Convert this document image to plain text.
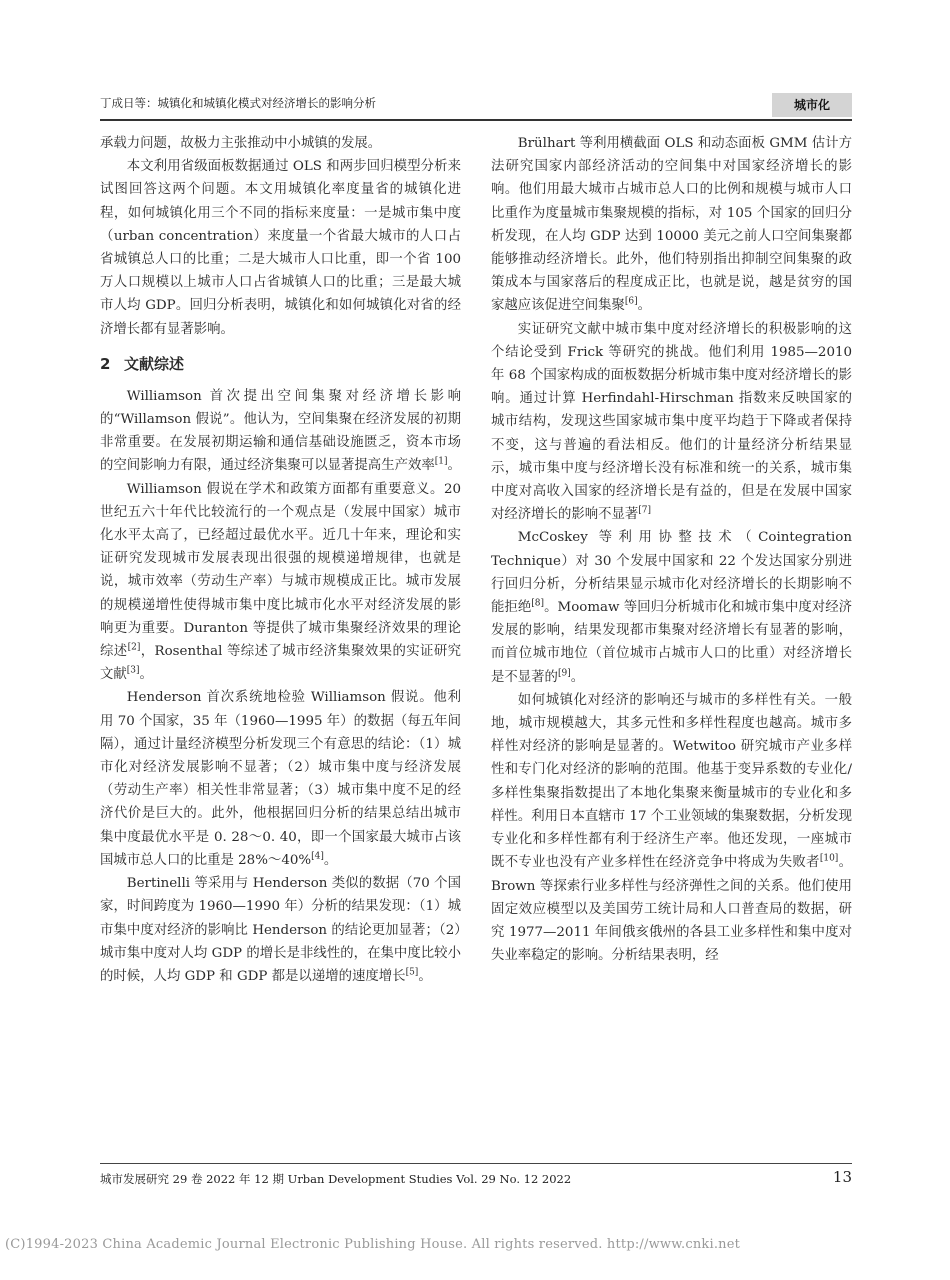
丁成日等：城镇化和城镇化模式对经济增长的影响分析	城市化

承载力问题，故极力主张推动中小城镇的发展。

本文利用省级面板数据通过 OLS 和两步回归模型分析来试图回答这两个问题。本文用城镇化率度量省的城镇化进程，如何城镇化用三个不同的指标来度量：一是城市集中度（urban concentration）来度量一个省最大城市的人口占省城镇总人口的比重；二是大城市人口比重，即一个省 100 万人口规模以上城市人口占省城镇人口的比重；三是最大城市人均 GDP。回归分析表明，城镇化和如何城镇化对省的经济增长都有显著影响。

2 文献综述

Williamson 首次提出空间集聚对经济增长影响的“Willamson 假说”。他认为，空间集聚在经济发展的初期非常重要。在发展初期运输和通信基础设施匮乏，资本市场的空间影响力有限，通过经济集聚可以显著提高生产效率[1]。

Williamson 假说在学术和政策方面都有重要意义。20 世纪五六十年代比较流行的一个观点是（发展中国家）城市化水平太高了，已经超过最优水平。近几十年来，理论和实证研究发现城市发展表现出很强的规模递增规律，也就是说，城市效率（劳动生产率）与城市规模成正比。城市发展的规模递增性使得城市集中度比城市化水平对经济发展的影响更为重要。Duranton 等提供了城市集聚经济效果的理论综述[2]，Rosenthal 等综述了城市经济集聚效果的实证研究文献[3]。

Henderson 首次系统地检验 Williamson 假说。他利用 70 个国家，35 年（1960—1995 年）的数据（每五年间隔），通过计量经济模型分析发现三个有意思的结论：（1）城市化对经济发展影响不显著；（2）城市集中度与经济发展（劳动生产率）相关性非常显著；（3）城市集中度不足的经济代价是巨大的。此外，他根据回归分析的结果总结出城市集中度最优水平是 0. 28～0. 40，即一个国家最大城市占该国城市总人口的比重是 28%～40%[4]。

Bertinelli 等采用与 Henderson 类似的数据（70 个国家，时间跨度为 1960—1990 年）分析的结果发现：（1）城市集中度对经济的影响比 Henderson 的结论更加显著；（2）城市集中度对人均 GDP 的增长是非线性的，在集中度比较小的时候，人均 GDP 和 GDP 都是以递增的速度增长[5]。

Brülhart 等利用横截面 OLS 和动态面板 GMM 估计方法研究国家内部经济活动的空间集中对国家经济增长的影响。他们用最大城市占城市总人口的比例和规模与城市人口比重作为度量城市集聚规模的指标，对 105 个国家的回归分析发现，在人均 GDP 达到 10000 美元之前人口空间集聚都能够推动经济增长。此外，他们特别指出抑制空间集聚的政策成本与国家落后的程度成正比，也就是说，越是贫穷的国家越应该促进空间集聚[6]。

实证研究文献中城市集中度对经济增长的积极影响的这个结论受到 Frick 等研究的挑战。他们利用 1985—2010 年 68 个国家构成的面板数据分析城市集中度对经济增长的影响。通过计算 Herfindahl-Hirschman 指数来反映国家的城市结构，发现这些国家城市集中度平均趋于下降或者保持不变，这与普遍的看法相反。他们的计量经济分析结果显示，城市集中度与经济增长没有标准和统一的关系，城市集中度对高收入国家的经济增长是有益的，但是在发展中国家对经济增长的影响不显著[7]

McCoskey 等利用协整技术（Cointegration Technique）对 30 个发展中国家和 22 个发达国家分别进行回归分析，分析结果显示城市化对经济增长的长期影响不能拒绝[8]。Moomaw 等回归分析城市化和城市集中度对经济发展的影响，结果发现都市集聚对经济增长有显著的影响，而首位城市地位（首位城市占城市人口的比重）对经济增长是不显著的[9]。

如何城镇化对经济的影响还与城市的多样性有关。一般地，城市规模越大，其多元性和多样性程度也越高。城市多样性对经济的影响是显著的。Wetwitoo 研究城市产业多样性和专门化对经济的影响的范围。他基于变异系数的专业化/多样性集聚指数提出了本地化集聚来衡量城市的专业化和多样性。利用日本直辖市 17 个工业领域的集聚数据，分析发现专业化和多样性都有利于经济生产率。他还发现，一座城市既不专业也没有产业多样性在经济竞争中将成为失败者[10]。Brown 等探索行业多样性与经济弹性之间的关系。他们使用固定效应模型以及美国劳工统计局和人口普查局的数据，研究 1977—2011 年间俄亥俄州的各县工业多样性和集中度对失业率稳定的影响。分析结果表明，经

城市发展研究 29 卷 2022 年 12 期 Urban Development Studies Vol. 29 No. 12 2022	13
(C)1994-2023 China Academic Journal Electronic Publishing House. All rights reserved. http://www.cnki.net
